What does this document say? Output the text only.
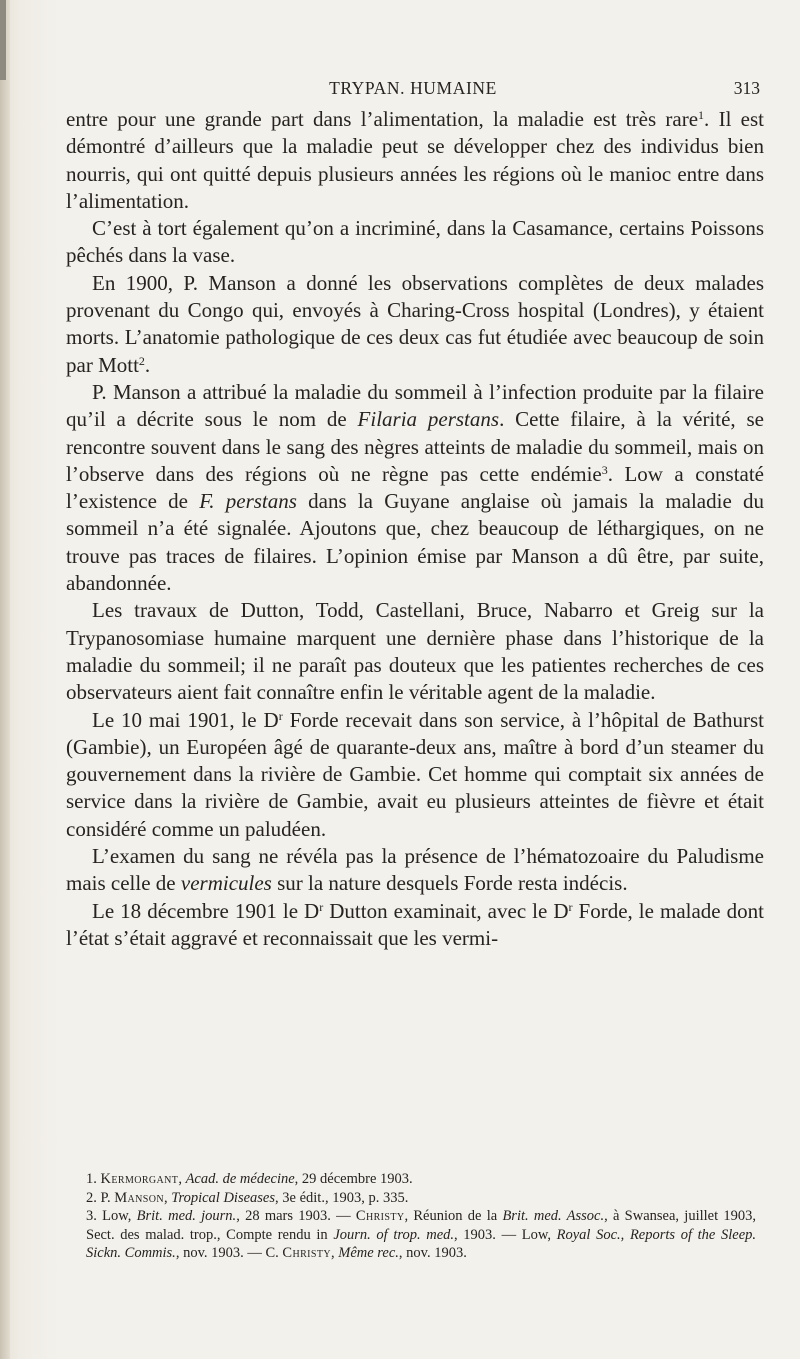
TRYPAN. HUMAINE	313

entre pour une grande part dans l’alimentation, la maladie est très rare$^1$. Il est démontré d’ailleurs que la maladie peut se développer chez des individus bien nourris, qui ont quitté depuis plusieurs années les régions où le manioc entre dans l’alimentation.

C’est à tort également qu’on a incriminé, dans la Casamance, certains Poissons pêchés dans la vase.

En 1900, P. Manson a donné les observations complètes de deux malades provenant du Congo qui, envoyés à Charing-Cross hospital (Londres), y étaient morts. L’anatomie pathologique de ces deux cas fut étudiée avec beaucoup de soin par Mott$^2$.

P. Manson a attribué la maladie du sommeil à l’infection produite par la filaire qu’il a décrite sous le nom de Filaria perstans. Cette filaire, à la vérité, se rencontre souvent dans le sang des nègres atteints de maladie du sommeil, mais on l’observe dans des régions où ne règne pas cette endémie$^3$. Low a constaté l’existence de F. perstans dans la Guyane anglaise où jamais la maladie du sommeil n’a été signalée. Ajoutons que, chez beaucoup de léthargiques, on ne trouve pas traces de filaires. L’opinion émise par Manson a dû être, par suite, abandonnée.

Les travaux de Dutton, Todd, Castellani, Bruce, Nabarro et Greig sur la Trypanosomiase humaine marquent une dernière phase dans l’historique de la maladie du sommeil; il ne paraît pas douteux que les patientes recherches de ces observateurs aient fait connaître enfin le véritable agent de la maladie.

Le 10 mai 1901, le $D^r$ Forde recevait dans son service, à l’hôpital de Bathurst (Gambie), un Européen âgé de quarante-deux ans, maître à bord d’un steamer du gouvernement dans la rivière de Gambie. Cet homme qui comptait six années de service dans la rivière de Gambie, avait eu plusieurs atteintes de fièvre et était considéré comme un paludéen.

L’examen du sang ne révéla pas la présence de l’hématozoaire du Paludisme mais celle de vermicules sur la nature desquels Forde resta indécis.

Le 18 décembre 1901 le $D^r$ Dutton examinait, avec le $D^r$ Forde, le malade dont l’état s’était aggravé et reconnaissait que les vermi-

1. Kermorgant, Acad. de médecine, 29 décembre 1903.

2. P. Manson, Tropical Diseases, 3e édit., 1903, p. 335.

3. Low, Brit. med. journ., 28 mars 1903. — Christy, Réunion de la Brit. med. Assoc., à Swansea, juillet 1903, Sect. des malad. trop., Compte rendu in Journ. of trop. med., 1903. — Low, Royal Soc., Reports of the Sleep. Sickn. Commis., nov. 1903. — C. Christy, Même rec., nov. 1903.
